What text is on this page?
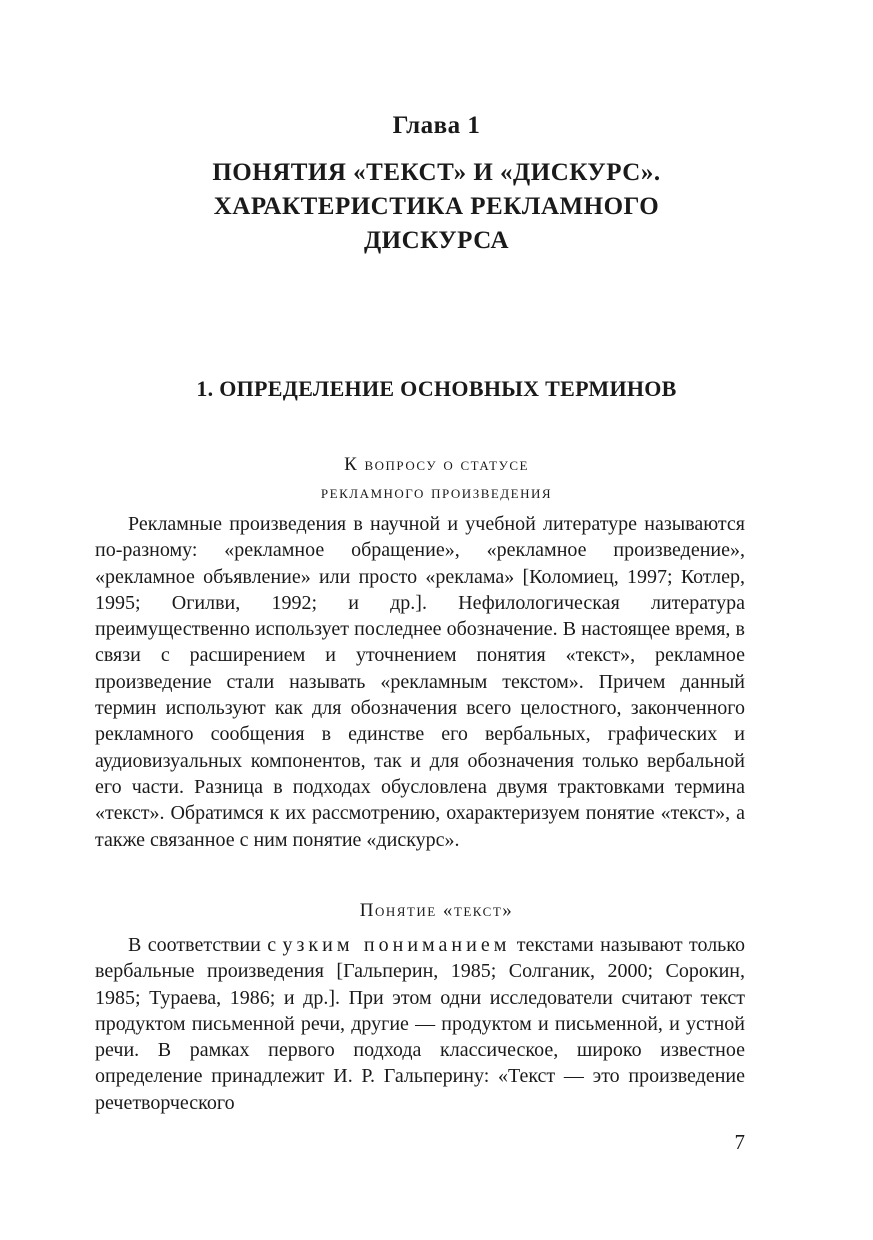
Глава 1
ПОНЯТИЯ «ТЕКСТ» И «ДИСКУРС».
ХАРАКТЕРИСТИКА РЕКЛАМНОГО
ДИСКУРСА
1. ОПРЕДЕЛЕНИЕ ОСНОВНЫХ ТЕРМИНОВ
К вопросу о статусе
рекламного произведения
Рекламные произведения в научной и учебной литературе называются по-разному: «рекламное обращение», «рекламное произведение», «рекламное объявление» или просто «реклама» [Коломиец, 1997; Котлер, 1995; Огилви, 1992; и др.]. Нефилологическая литература преимущественно использует последнее обозначение. В настоящее время, в связи с расширением и уточнением понятия «текст», рекламное произведение стали называть «рекламным текстом». Причем данный термин используют как для обозначения всего целостного, законченного рекламного сообщения в единстве его вербальных, графических и аудиовизуальных компонентов, так и для обозначения только вербальной его части. Разница в подходах обусловлена двумя трактовками термина «текст». Обратимся к их рассмотрению, охарактеризуем понятие «текст», а также связанное с ним понятие «дискурс».
Понятие «текст»
В соответствии с узким пониманием текстами называют только вербальные произведения [Гальперин, 1985; Солганик, 2000; Сорокин, 1985; Тураева, 1986; и др.]. При этом одни исследователи считают текст продуктом письменной речи, другие — продуктом и письменной, и устной речи. В рамках первого подхода классическое, широко известное определение принадлежит И. Р. Гальперину: «Текст — это произведение речетворческого
7
